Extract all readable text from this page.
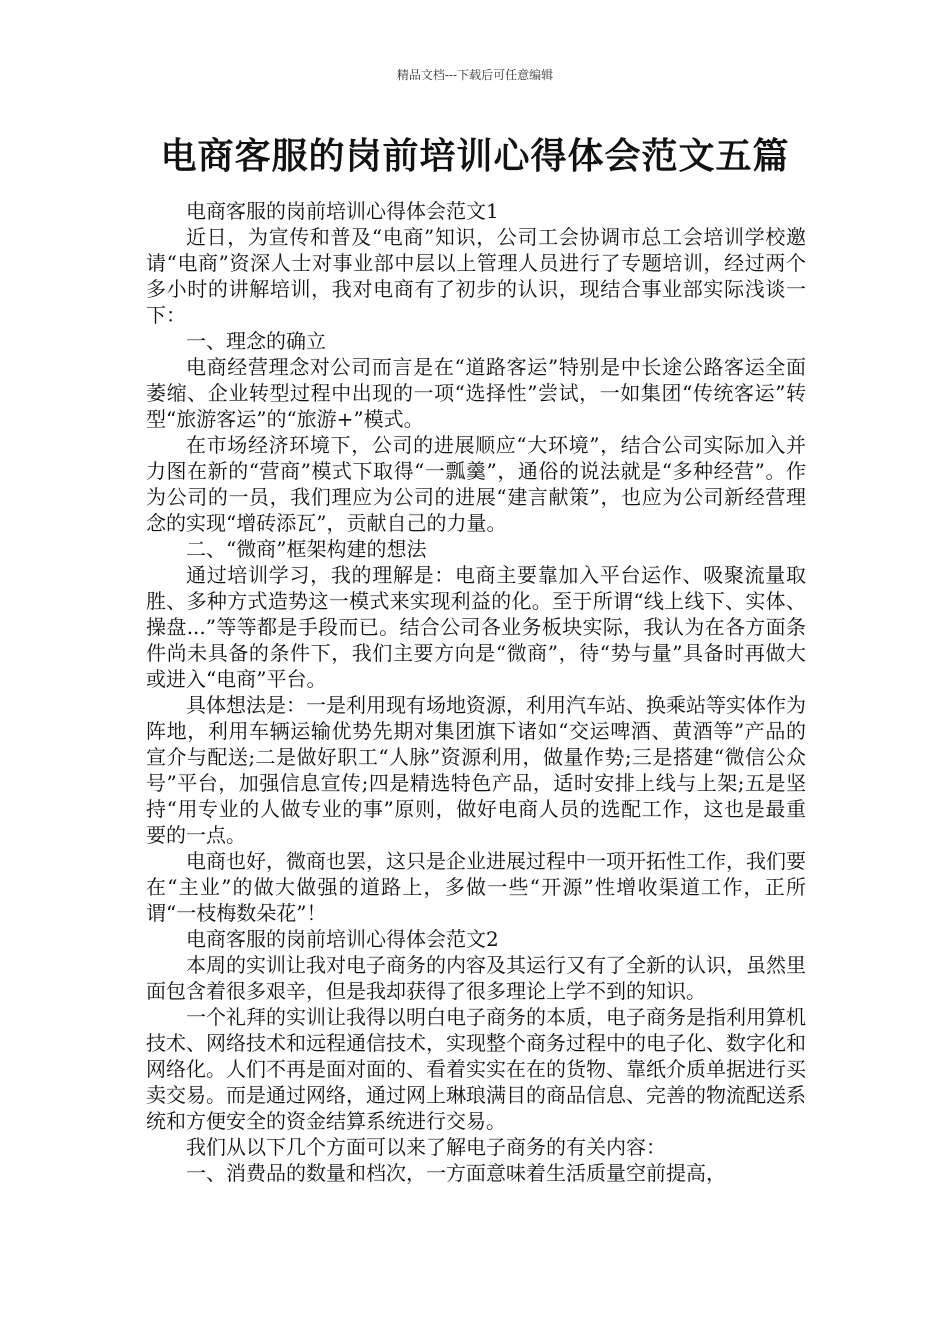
精品文档---下载后可任意编辑
电商客服的岗前培训心得体会范文五篇

电商客服的岗前培训心得体会范文1

近日，为宣传和普及“电商”知识，公司工会协调市总工会培训学校邀请“电商”资深人士对事业部中层以上管理人员进行了专题培训，经过两个多小时的讲解培训，我对电商有了初步的认识，现结合事业部实际浅谈一下：

一、理念的确立

电商经营理念对公司而言是在“道路客运”特别是中长途公路客运全面萎缩、企业转型过程中出现的一项“选择性”尝试，一如集团“传统客运”转型“旅游客运”的“旅游+”模式。

在市场经济环境下，公司的进展顺应“大环境”，结合公司实际加入并力图在新的“营商”模式下取得“一瓢羹”，通俗的说法就是“多种经营”。作为公司的一员，我们理应为公司的进展“建言献策”，也应为公司新经营理念的实现“增砖添瓦”，贡献自己的力量。

二、“微商”框架构建的想法

通过培训学习，我的理解是：电商主要靠加入平台运作、吸聚流量取胜、多种方式造势这一模式来实现利益的化。至于所谓“线上线下、实体、操盘...”等等都是手段而已。结合公司各业务板块实际，我认为在各方面条件尚未具备的条件下，我们主要方向是“微商”，待“势与量”具备时再做大或进入“电商”平台。

具体想法是：一是利用现有场地资源，利用汽车站、换乘站等实体作为阵地，利用车辆运输优势先期对集团旗下诸如“交运啤酒、黄酒等”产品的宣介与配送;二是做好职工“人脉”资源利用，做量作势;三是搭建“微信公众号”平台，加强信息宣传;四是精选特色产品，适时安排上线与上架;五是坚持“用专业的人做专业的事”原则，做好电商人员的选配工作，这也是最重要的一点。

电商也好，微商也罢，这只是企业进展过程中一项开拓性工作，我们要在“主业”的做大做强的道路上，多做一些“开源”性增收渠道工作，正所谓“一枝梅数朵花”！

电商客服的岗前培训心得体会范文2

本周的实训让我对电子商务的内容及其运行又有了全新的认识，虽然里面包含着很多艰辛，但是我却获得了很多理论上学不到的知识。

一个礼拜的实训让我得以明白电子商务的本质，电子商务是指利用算机技术、网络技术和远程通信技术，实现整个商务过程中的电子化、数字化和网络化。人们不再是面对面的、看着实实在在的货物、靠纸介质单据进行买卖交易。而是通过网络，通过网上琳琅满目的商品信息、完善的物流配送系统和方便安全的资金结算系统进行交易。

我们从以下几个方面可以来了解电子商务的有关内容：

一、消费品的数量和档次，一方面意味着生活质量空前提高，
